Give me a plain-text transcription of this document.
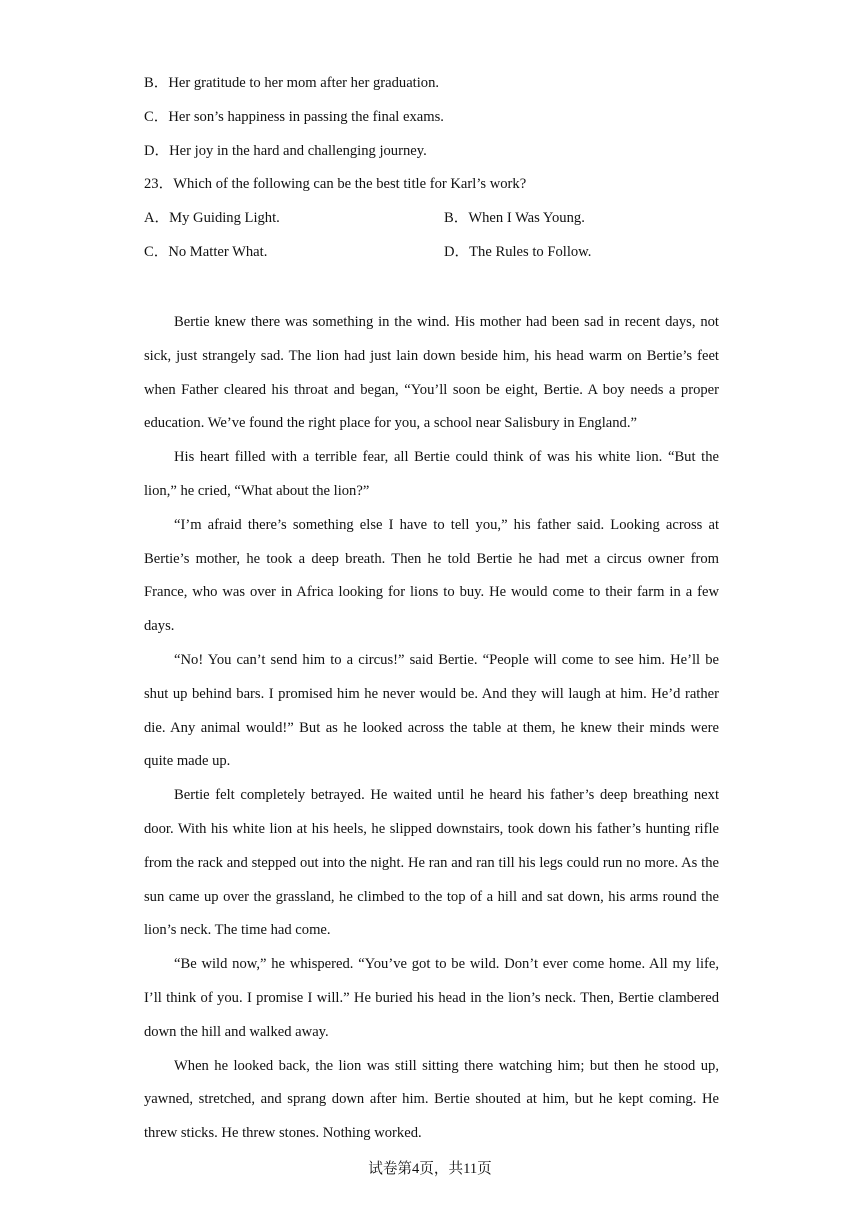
B．Her gratitude to her mom after her graduation.
C．Her son’s happiness in passing the final exams.
D．Her joy in the hard and challenging journey.
23．Which of the following can be the best title for Karl’s work?
A．My Guiding Light.	B．When I Was Young.
C．No Matter What.	D．The Rules to Follow.

Bertie knew there was something in the wind. His mother had been sad in recent days, not sick, just strangely sad. The lion had just lain down beside him, his head warm on Bertie’s feet when Father cleared his throat and began, “You’ll soon be eight, Bertie. A boy needs a proper education. We’ve found the right place for you, a school near Salisbury in England.”

His heart filled with a terrible fear, all Bertie could think of was his white lion. “But the lion,” he cried, “What about the lion?”

“I’m afraid there’s something else I have to tell you,” his father said. Looking across at Bertie’s mother, he took a deep breath. Then he told Bertie he had met a circus owner from France, who was over in Africa looking for lions to buy. He would come to their farm in a few days.

“No! You can’t send him to a circus!” said Bertie. “People will come to see him. He’ll be shut up behind bars. I promised him he never would be. And they will laugh at him. He’d rather die. Any animal would!” But as he looked across the table at them, he knew their minds were quite made up.

Bertie felt completely betrayed. He waited until he heard his father’s deep breathing next door. With his white lion at his heels, he slipped downstairs, took down his father’s hunting rifle from the rack and stepped out into the night. He ran and ran till his legs could run no more. As the sun came up over the grassland, he climbed to the top of a hill and sat down, his arms round the lion’s neck. The time had come.

“Be wild now,” he whispered. “You’ve got to be wild. Don’t ever come home. All my life, I’ll think of you. I promise I will.” He buried his head in the lion’s neck. Then, Bertie clambered down the hill and walked away.

When he looked back, the lion was still sitting there watching him; but then he stood up, yawned, stretched, and sprang down after him. Bertie shouted at him, but he kept coming. He threw sticks. He threw stones. Nothing worked.

试卷第4页，共11页
